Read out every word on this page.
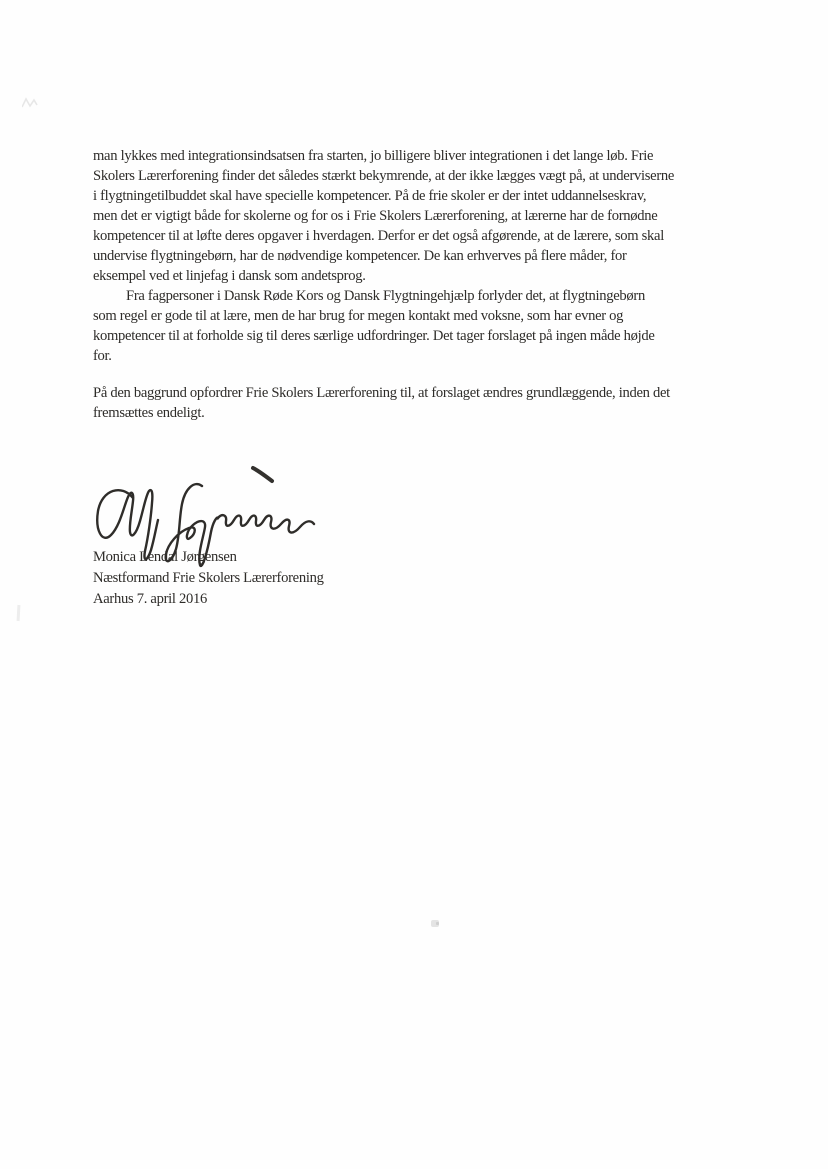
man lykkes med integrationsindsatsen fra starten, jo billigere bliver integrationen i det lange løb. Frie
Skolers Lærerforening finder det således stærkt bekymrende, at der ikke lægges vægt på, at underviserne
i flygtningetilbuddet skal have specielle kompetencer. På de frie skoler er der intet uddannelseskrav,
men det er vigtigt både for skolerne og for os i Frie Skolers Lærerforening, at lærerne har de fornødne
kompetencer til at løfte deres opgaver i hverdagen. Derfor er det også afgørende, at de lærere, som skal
undervise flygtningebørn, har de nødvendige kompetencer. De kan erhverves på flere måder, for
eksempel ved et linjefag i dansk som andetsprog.
Fra fagpersoner i Dansk Røde Kors og Dansk Flygtningehjælp forlyder det, at flygtningebørn
som regel er gode til at lære, men de har brug for megen kontakt med voksne, som har evner og
kompetencer til at forholde sig til deres særlige udfordringer. Det tager forslaget på ingen måde højde
for.
På den baggrund opfordrer Frie Skolers Lærerforening til, at forslaget ændres grundlæggende, inden det
fremsættes endeligt.
Monica Lendal Jørgensen
Næstformand Frie Skolers Lærerforening
Aarhus 7. april 2016
